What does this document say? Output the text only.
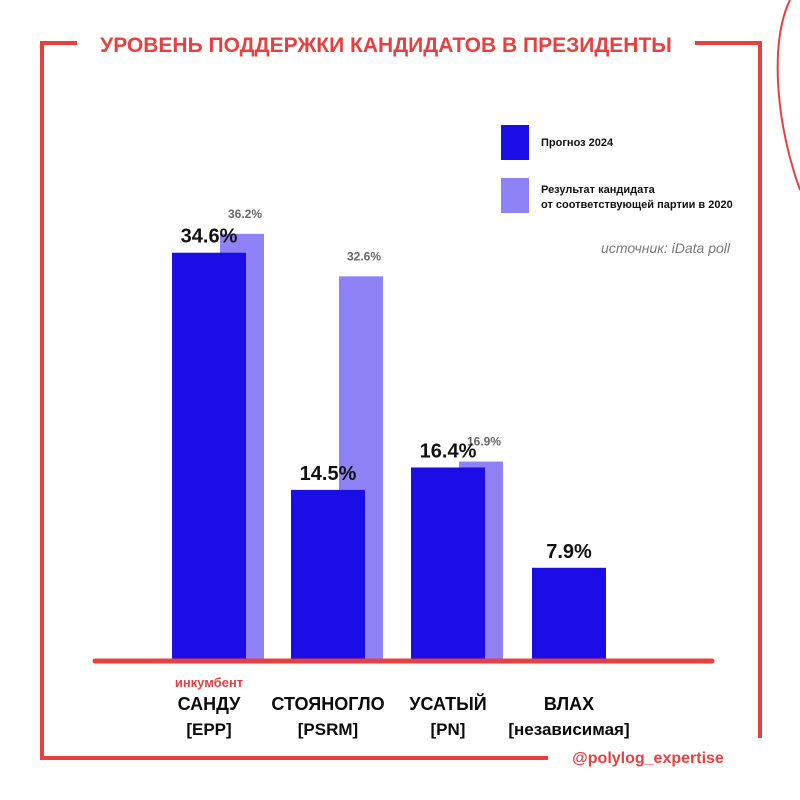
УРОВЕНЬ ПОДДЕРЖКИ КАНДИДАТОВ В ПРЕЗИДЕНТЫ
Прогноз 2024
Результат кандидата
от соответствующей партии в 2020
источник: iData poll
36.2%
34.6%
32.6%
14.5%
16.9%
16.4%
7.9%
инкумбент
САНДУ
[EPP]
СТОЯНОГЛО
[PSRM]
УСАТЫЙ
[PN]
ВЛАХ
[независимая]
@polylog_expertise
